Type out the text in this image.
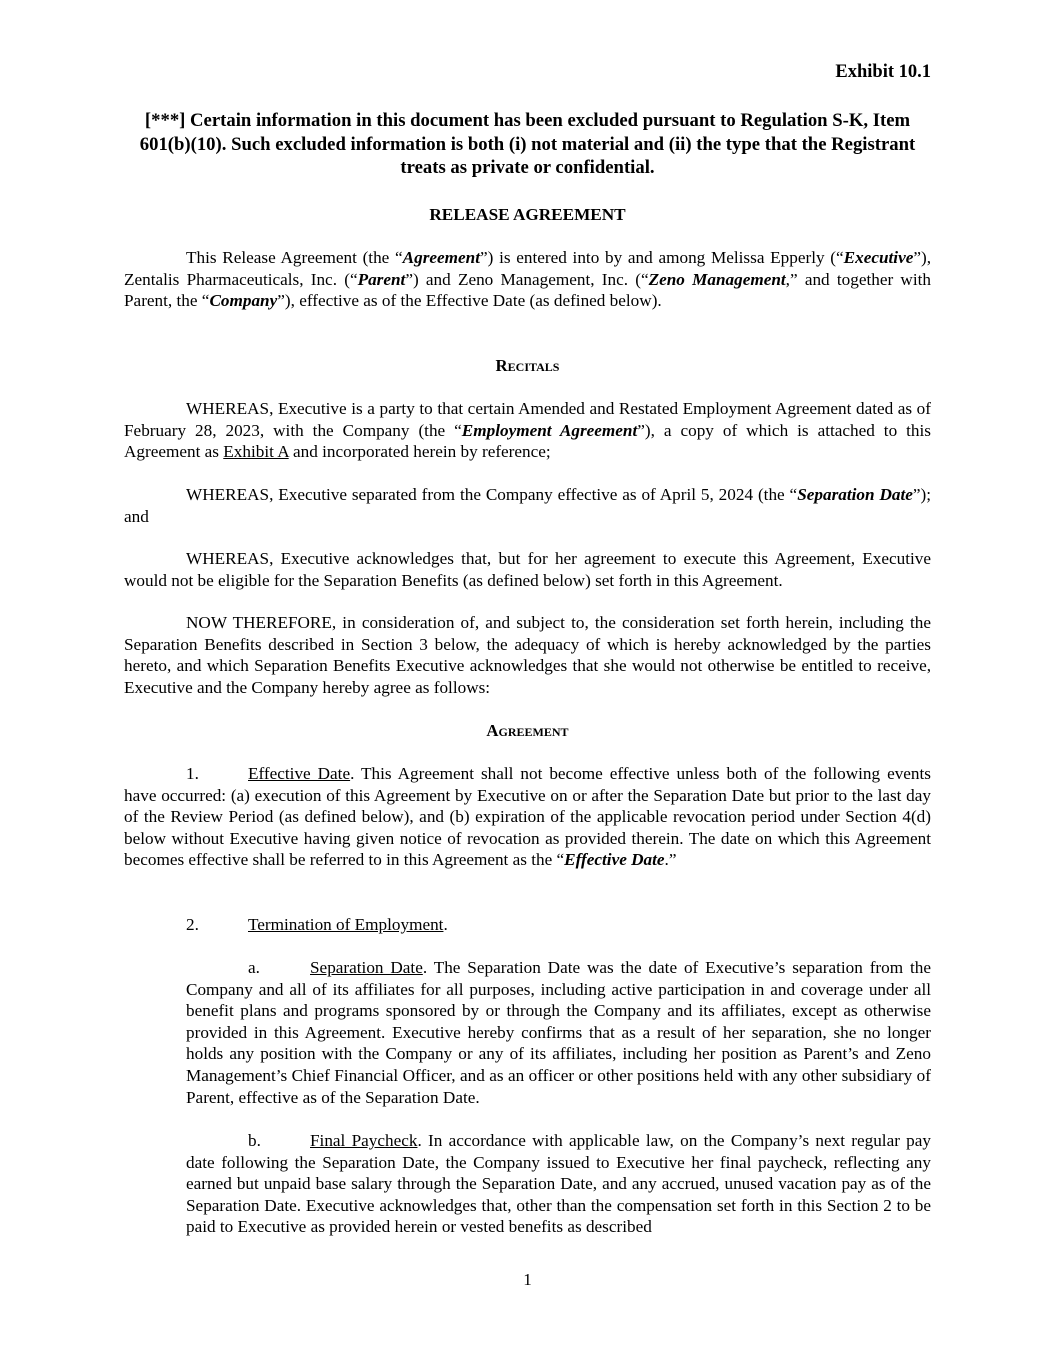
Exhibit 10.1

[***] Certain information in this document has been excluded pursuant to Regulation S-K, Item 601(b)(10). Such excluded information is both (i) not material and (ii) the type that the Registrant treats as private or confidential.

RELEASE AGREEMENT

This Release Agreement (the “Agreement”) is entered into by and among Melissa Epperly (“Executive”), Zentalis Pharmaceuticals, Inc. (“Parent”) and Zeno Management, Inc. (“Zeno Management,” and together with Parent, the “Company”), effective as of the Effective Date (as defined below).

Recitals

WHEREAS, Executive is a party to that certain Amended and Restated Employment Agreement dated as of February 28, 2023, with the Company (the “Employment Agreement”), a copy of which is attached to this Agreement as Exhibit A and incorporated herein by reference;

WHEREAS, Executive separated from the Company effective as of April 5, 2024 (the “Separation Date”); and

WHEREAS, Executive acknowledges that, but for her agreement to execute this Agreement, Executive would not be eligible for the Separation Benefits (as defined below) set forth in this Agreement.

NOW THEREFORE, in consideration of, and subject to, the consideration set forth herein, including the Separation Benefits described in Section 3 below, the adequacy of which is hereby acknowledged by the parties hereto, and which Separation Benefits Executive acknowledges that she would not otherwise be entitled to receive, Executive and the Company hereby agree as follows:

Agreement

1.	Effective Date. This Agreement shall not become effective unless both of the following events have occurred: (a) execution of this Agreement by Executive on or after the Separation Date but prior to the last day of the Review Period (as defined below), and (b) expiration of the applicable revocation period under Section 4(d) below without Executive having given notice of revocation as provided therein. The date on which this Agreement becomes effective shall be referred to in this Agreement as the “Effective Date.”

2.	Termination of Employment.

a.	Separation Date. The Separation Date was the date of Executive’s separation from the Company and all of its affiliates for all purposes, including active participation in and coverage under all benefit plans and programs sponsored by or through the Company and its affiliates, except as otherwise provided in this Agreement. Executive hereby confirms that as a result of her separation, she no longer holds any position with the Company or any of its affiliates, including her position as Parent’s and Zeno Management’s Chief Financial Officer, and as an officer or other positions held with any other subsidiary of Parent, effective as of the Separation Date.

b.	Final Paycheck. In accordance with applicable law, on the Company’s next regular pay date following the Separation Date, the Company issued to Executive her final paycheck, reflecting any earned but unpaid base salary through the Separation Date, and any accrued, unused vacation pay as of the Separation Date. Executive acknowledges that, other than the compensation set forth in this Section 2 to be paid to Executive as provided herein or vested benefits as described

1
